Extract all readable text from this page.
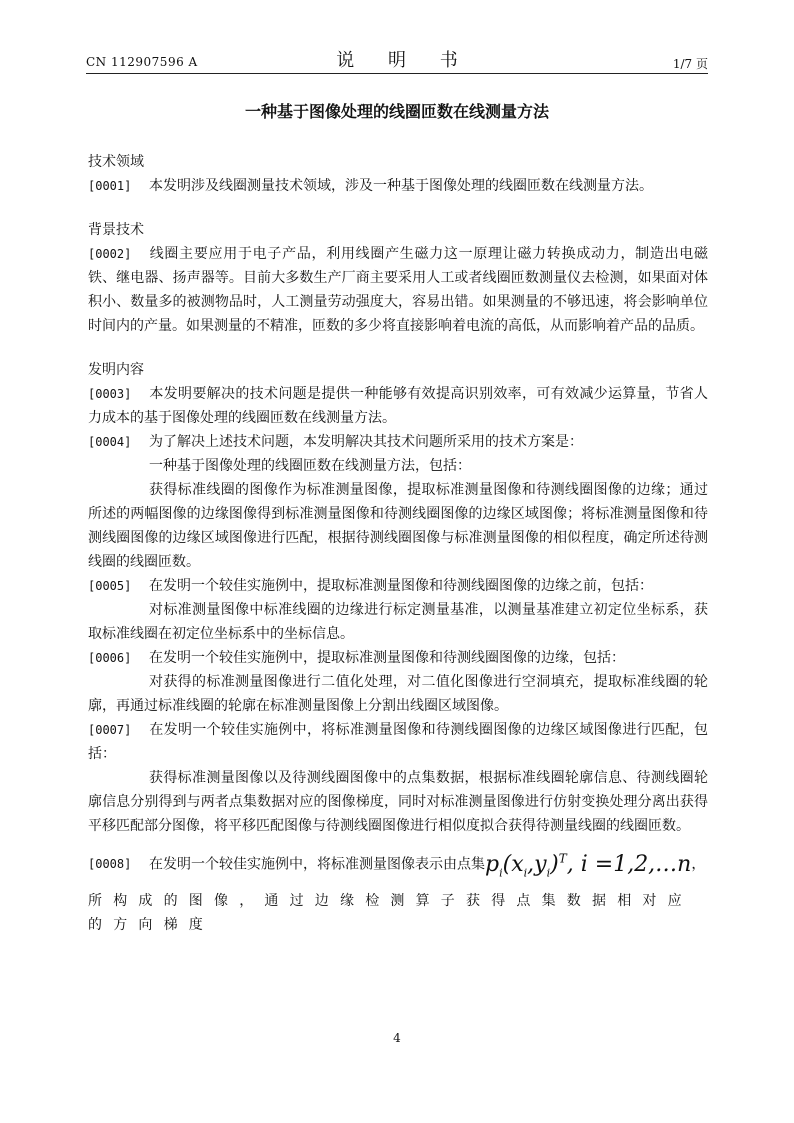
CN 112907596 A	说 明 书	1/7 页
一种基于图像处理的线圈匝数在线测量方法
技术领域
[0001] 本发明涉及线圈测量技术领域，涉及一种基于图像处理的线圈匝数在线测量方法。
背景技术
[0002] 线圈主要应用于电子产品，利用线圈产生磁力这一原理让磁力转换成动力，制造出电磁铁、继电器、扬声器等。目前大多数生产厂商主要采用人工或者线圈匝数测量仪去检测，如果面对体积小、数量多的被测物品时，人工测量劳动强度大，容易出错。如果测量的不够迅速，将会影响单位时间内的产量。如果测量的不精准，匝数的多少将直接影响着电流的高低，从而影响着产品的品质。
发明内容
[0003] 本发明要解决的技术问题是提供一种能够有效提高识别效率，可有效减少运算量，节省人力成本的基于图像处理的线圈匝数在线测量方法。
[0004] 为了解决上述技术问题，本发明解决其技术问题所采用的技术方案是：
一种基于图像处理的线圈匝数在线测量方法，包括：
获得标准线圈的图像作为标准测量图像，提取标准测量图像和待测线圈图像的边缘；通过所述的两幅图像的边缘图像得到标准测量图像和待测线圈图像的边缘区域图像；将标准测量图像和待测线圈图像的边缘区域图像进行匹配，根据待测线圈图像与标准测量图像的相似程度，确定所述待测线圈的线圈匝数。
[0005] 在发明一个较佳实施例中，提取标准测量图像和待测线圈图像的边缘之前，包括：
对标准测量图像中标准线圈的边缘进行标定测量基准，以测量基准建立初定位坐标系，获取标准线圈在初定位坐标系中的坐标信息。
[0006] 在发明一个较佳实施例中，提取标准测量图像和待测线圈图像的边缘，包括：
对获得的标准测量图像进行二值化处理，对二值化图像进行空洞填充，提取标准线圈的轮廓，再通过标准线圈的轮廓在标准测量图像上分割出线圈区域图像。
[0007] 在发明一个较佳实施例中，将标准测量图像和待测线圈图像的边缘区域图像进行匹配，包括：
获得标准测量图像以及待测线圈图像中的点集数据，根据标准线圈轮廓信息、待测线圈轮廓信息分别得到与两者点集数据对应的图像梯度，同时对标准测量图像进行仿射变换处理分离出获得平移匹配部分图像，将平移匹配图像与待测线圈图像进行相似度拟合获得待测量线圈的线圈匝数。
[0008] 在发明一个较佳实施例中，将标准测量图像表示由点集$p_i(x_i,y_i)^T$, i =1,2,…n，
所构成的图像，通过边缘检测算子获得点集数据相对应的方向梯度
4
